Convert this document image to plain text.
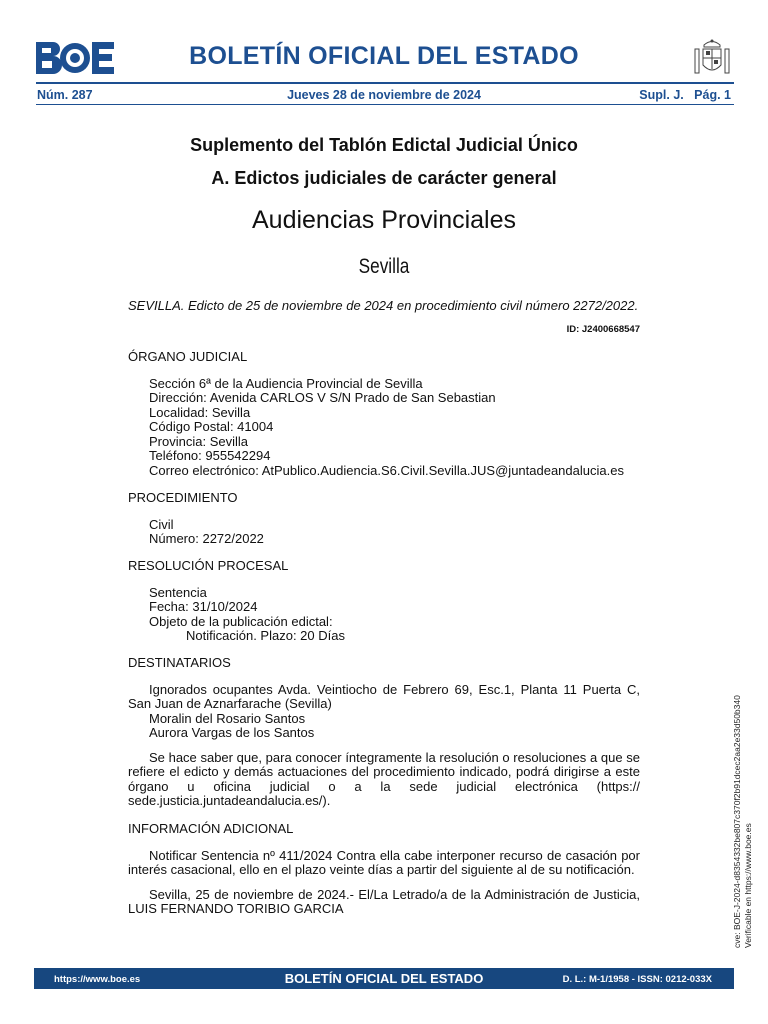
BOLETÍN OFICIAL DEL ESTADO
Núm. 287	Jueves 28 de noviembre de 2024	Supl. J.   Pág. 1
Suplemento del Tablón Edictal Judicial Único
A. Edictos judiciales de carácter general
Audiencias Provinciales
Sevilla
SEVILLA. Edicto de 25 de noviembre de 2024 en procedimiento civil número 2272/2022.
ID: J2400668547
ÓRGANO JUDICIAL
Sección 6ª de la Audiencia Provincial de Sevilla
Dirección: Avenida CARLOS V S/N Prado de San Sebastian
Localidad: Sevilla
Código Postal: 41004
Provincia: Sevilla
Teléfono: 955542294
Correo electrónico: AtPublico.Audiencia.S6.Civil.Sevilla.JUS@juntadeandalucia.es
PROCEDIMIENTO
Civil
Número: 2272/2022
RESOLUCIÓN PROCESAL
Sentencia
Fecha: 31/10/2024
Objeto de la publicación edictal:
Notificación. Plazo: 20 Días
DESTINATARIOS
Ignorados ocupantes Avda. Veintiocho de Febrero 69, Esc.1, Planta 11 Puerta C, San Juan de Aznarfarache (Sevilla)
Moralin del Rosario Santos
Aurora Vargas de los Santos
Se hace saber que, para conocer íntegramente la resolución o resoluciones a que se refiere el edicto y demás actuaciones del procedimiento indicado, podrá dirigirse a este órgano u oficina judicial o a la sede judicial electrónica (https:// sede.justicia.juntadeandalucia.es/).
INFORMACIÓN ADICIONAL
Notificar Sentencia nº 411/2024 Contra ella cabe interponer recurso de casación por interés casacional, ello en el plazo veinte días a partir del siguiente al de su notificación.
Sevilla, 25 de noviembre de 2024.- El/La Letrado/a de la Administración de Justicia, LUIS FERNANDO TORIBIO GARCIA	cve: BOE-J-2024-d8354332be807c370f2b91dcec2aa2e33d50b340 Verificable en https://www.boe.es
https://www.boe.es	BOLETÍN OFICIAL DEL ESTADO	D. L.: M-1/1958 - ISSN: 0212-033X
